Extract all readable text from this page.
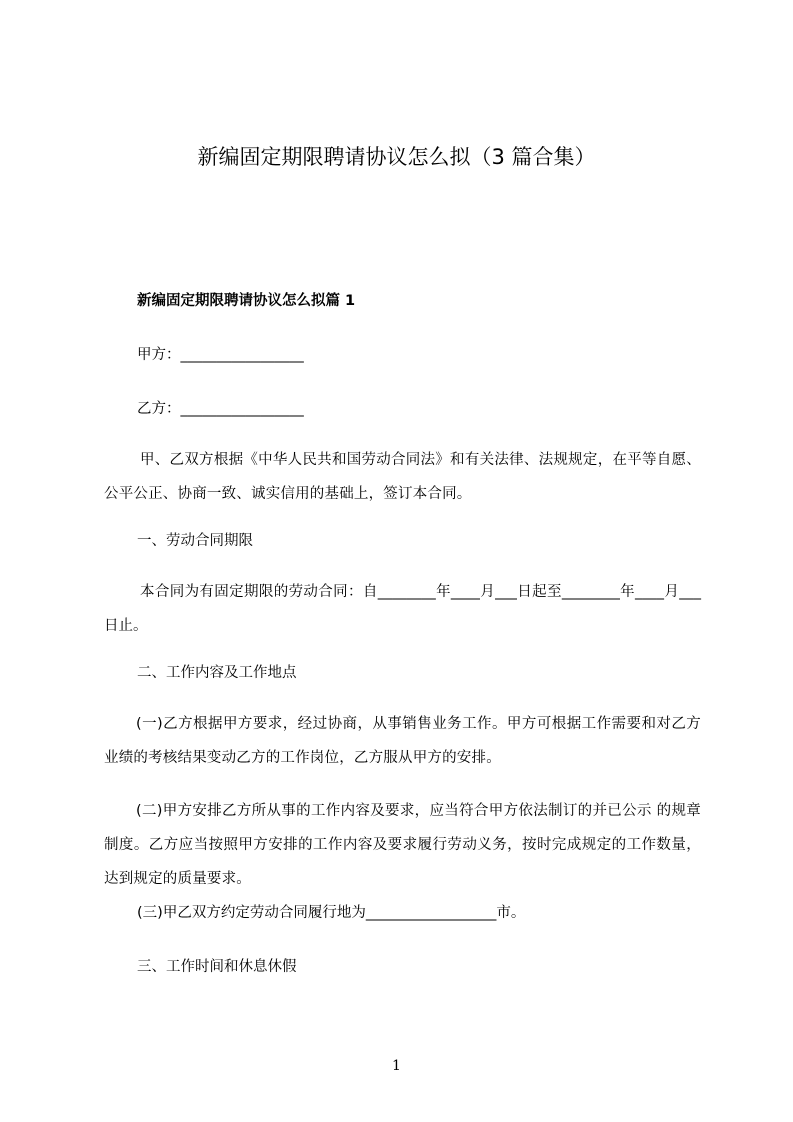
新编固定期限聘请协议怎么拟（3 篇合集）
新编固定期限聘请协议怎么拟篇 1
甲方：_________________
乙方：_________________
甲、乙双方根据《中华人民共和国劳动合同法》和有关法律、法规规定，在平等自愿、公平公正、协商一致、诚实信用的基础上，签订本合同。
一、劳动合同期限
本合同为有固定期限的劳动合同：自________年____月___日起至________年____月___日止。
二、工作内容及工作地点
(一)乙方根据甲方要求，经过协商，从事销售业务工作。甲方可根据工作需要和对乙方业绩的考核结果变动乙方的工作岗位，乙方服从甲方的安排。
(二)甲方安排乙方所从事的工作内容及要求，应当符合甲方依法制订的并已公示 的规章制度。乙方应当按照甲方安排的工作内容及要求履行劳动义务，按时完成规定的工作数量，达到规定的质量要求。
(三)甲乙双方约定劳动合同履行地为__________________市。
三、工作时间和休息休假
1
